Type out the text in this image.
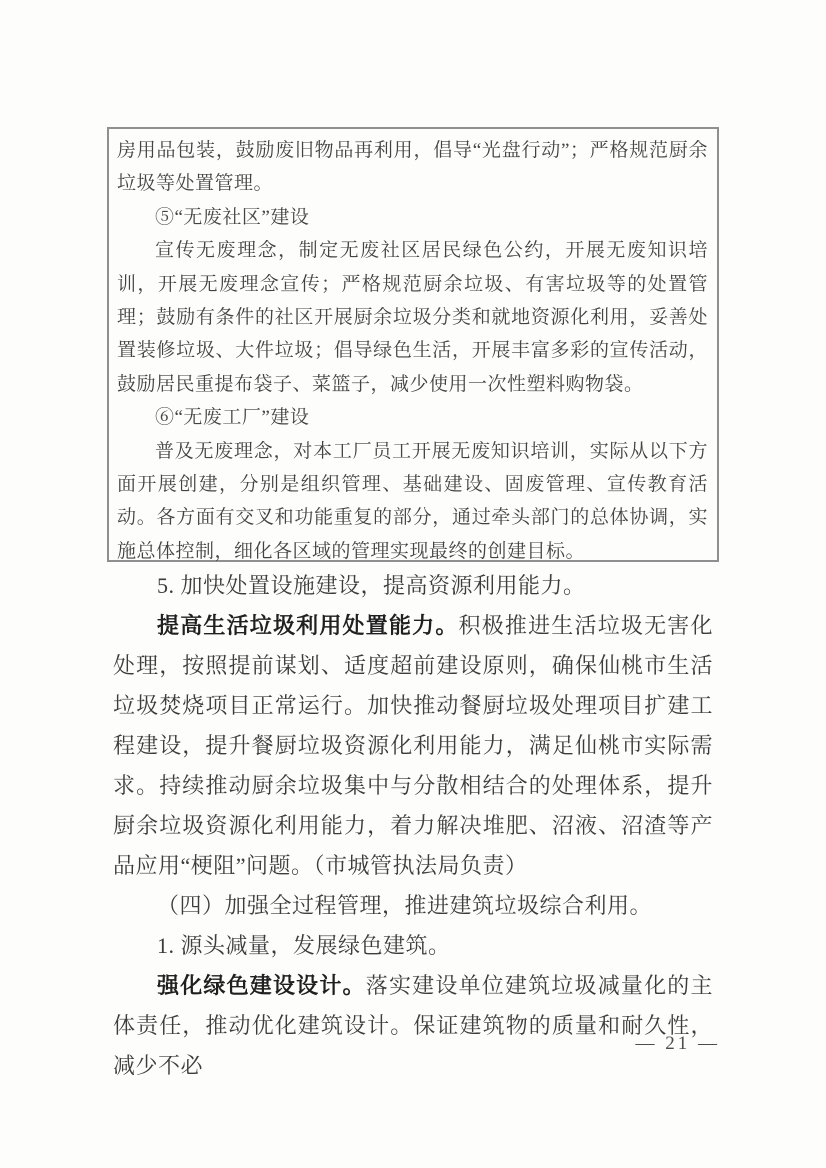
房用品包装，鼓励废旧物品再利用，倡导“光盘行动”；严格规范厨余垃圾等处置管理。

⑤“无废社区”建设

宣传无废理念，制定无废社区居民绿色公约，开展无废知识培训，开展无废理念宣传；严格规范厨余垃圾、有害垃圾等的处置管理；鼓励有条件的社区开展厨余垃圾分类和就地资源化利用，妥善处置装修垃圾、大件垃圾；倡导绿色生活，开展丰富多彩的宣传活动，鼓励居民重提布袋子、菜篮子，减少使用一次性塑料购物袋。

⑥“无废工厂”建设

普及无废理念，对本工厂员工开展无废知识培训，实际从以下方面开展创建，分别是组织管理、基础建设、固废管理、宣传教育活动。各方面有交叉和功能重复的部分，通过牵头部门的总体协调，实施总体控制，细化各区域的管理实现最终的创建目标。

5. 加快处置设施建设，提高资源利用能力。

提高生活垃圾利用处置能力。积极推进生活垃圾无害化处理，按照提前谋划、适度超前建设原则，确保仙桃市生活垃圾焚烧项目正常运行。加快推动餐厨垃圾处理项目扩建工程建设，提升餐厨垃圾资源化利用能力，满足仙桃市实际需求。持续推动厨余垃圾集中与分散相结合的处理体系，提升厨余垃圾资源化利用能力，着力解决堆肥、沼液、沼渣等产品应用“梗阻”问题。（市城管执法局负责）

（四）加强全过程管理，推进建筑垃圾综合利用。

1. 源头减量，发展绿色建筑。

强化绿色建设设计。落实建设单位建筑垃圾减量化的主体责任，推动优化建筑设计。保证建筑物的质量和耐久性，减少不必

— 21 —
